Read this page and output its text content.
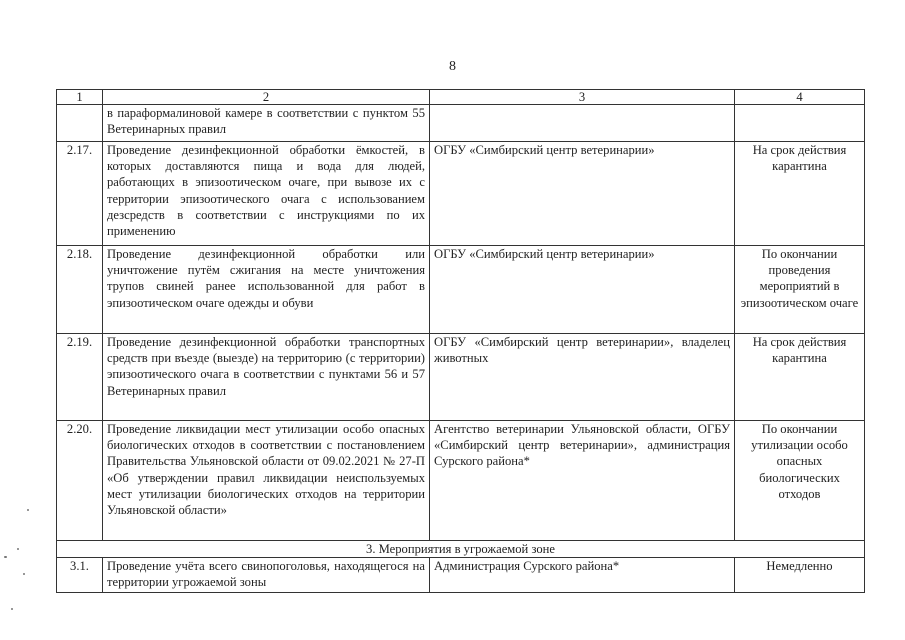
8
1	2	3	4
	в параформалиновой камере в соответствии с пунктом 55 Ветеринарных правил		
2.17.	Проведение дезинфекционной обработки ёмкостей, в которых доставляются пища и вода для людей, работающих в эпизоотическом очаге, при вывозе их с территории эпизоотического очага с использованием дезсредств в соответствии с инструкциями по их применению	ОГБУ «Симбирский центр ветеринарии»	На срок действия карантина
2.18.	Проведение дезинфекционной обработки или уничтожение путём сжигания на месте уничтожения трупов свиней ранее использованной для работ в эпизоотическом очаге одежды и обуви	ОГБУ «Симбирский центр ветеринарии»	По окончании проведения мероприятий в эпизоотическом очаге
2.19.	Проведение дезинфекционной обработки транспортных средств при въезде (выезде) на территорию (с территории) эпизоотического очага в соответствии с пунктами 56 и 57 Ветеринарных правил	ОГБУ «Симбирский центр ветеринарии», владелец животных	На срок действия карантина
2.20.	Проведение ликвидации мест утилизации особо опасных биологических отходов в соответствии с постановлением Правительства Ульяновской области от 09.02.2021 № 27-П «Об утверждении правил ликвидации неиспользуемых мест утилизации биологических отходов на территории Ульяновской области»	Агентство ветеринарии Ульяновской области, ОГБУ «Симбирский центр ветеринарии», администрация Сурского района*	По окончании утилизации особо опасных биологических отходов
3. Мероприятия в угрожаемой зоне			
3.1.	Проведение учёта всего свинопоголовья, находящегося на территории угрожаемой зоны	Администрация Сурского района*	Немедленно
